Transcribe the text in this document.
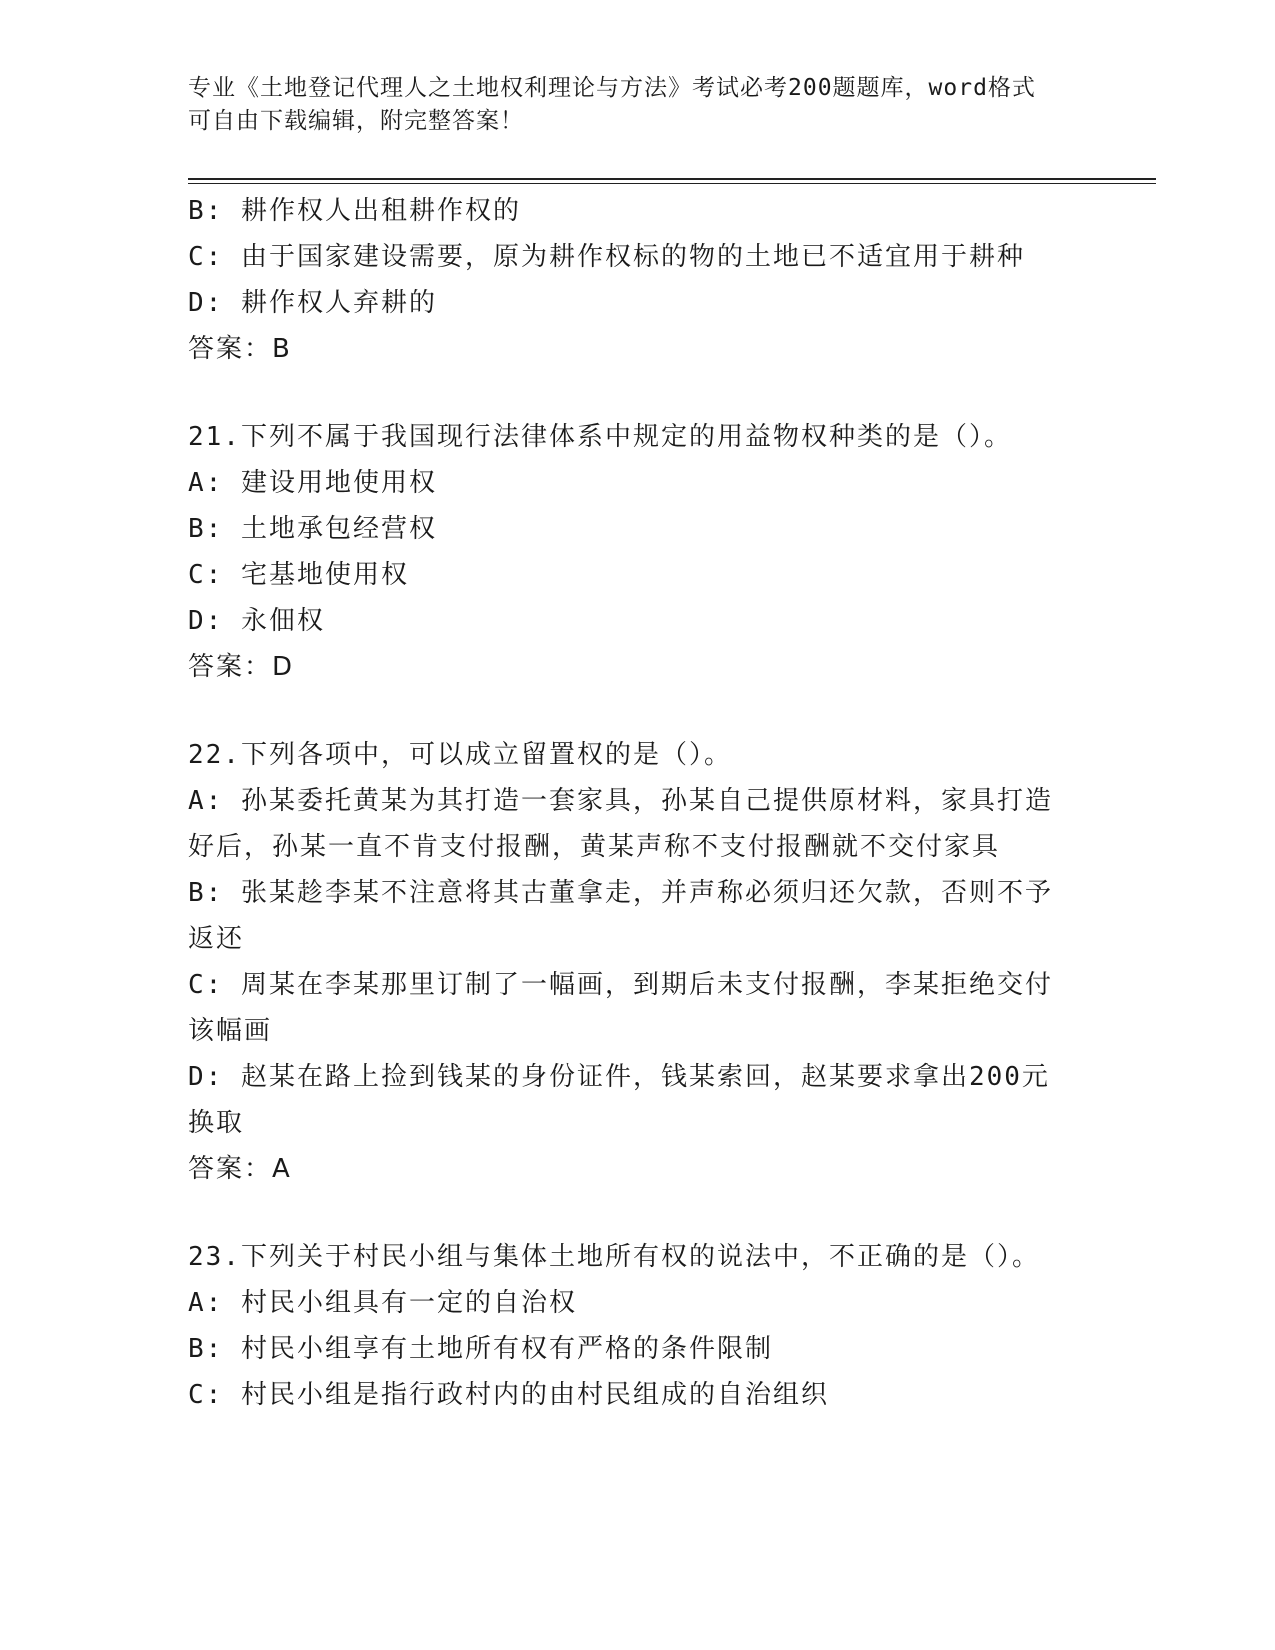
专业《土地登记代理人之土地权利理论与方法》考试必考200题题库，word格式
可自由下载编辑，附完整答案！
B: 耕作权人出租耕作权的
C: 由于国家建设需要，原为耕作权标的物的土地已不适宜用于耕种
D: 耕作权人弃耕的
答案：B
21.下列不属于我国现行法律体系中规定的用益物权种类的是（）。
A: 建设用地使用权
B: 土地承包经营权
C: 宅基地使用权
D: 永佃权
答案：D
22.下列各项中，可以成立留置权的是（）。
A: 孙某委托黄某为其打造一套家具，孙某自己提供原材料，家具打造
好后，孙某一直不肯支付报酬，黄某声称不支付报酬就不交付家具
B: 张某趁李某不注意将其古董拿走，并声称必须归还欠款，否则不予
返还
C: 周某在李某那里订制了一幅画，到期后未支付报酬，李某拒绝交付
该幅画
D: 赵某在路上捡到钱某的身份证件，钱某索回，赵某要求拿出200元
换取
答案：A
23.下列关于村民小组与集体土地所有权的说法中，不正确的是（）。
A: 村民小组具有一定的自治权
B: 村民小组享有土地所有权有严格的条件限制
C: 村民小组是指行政村内的由村民组成的自治组织
